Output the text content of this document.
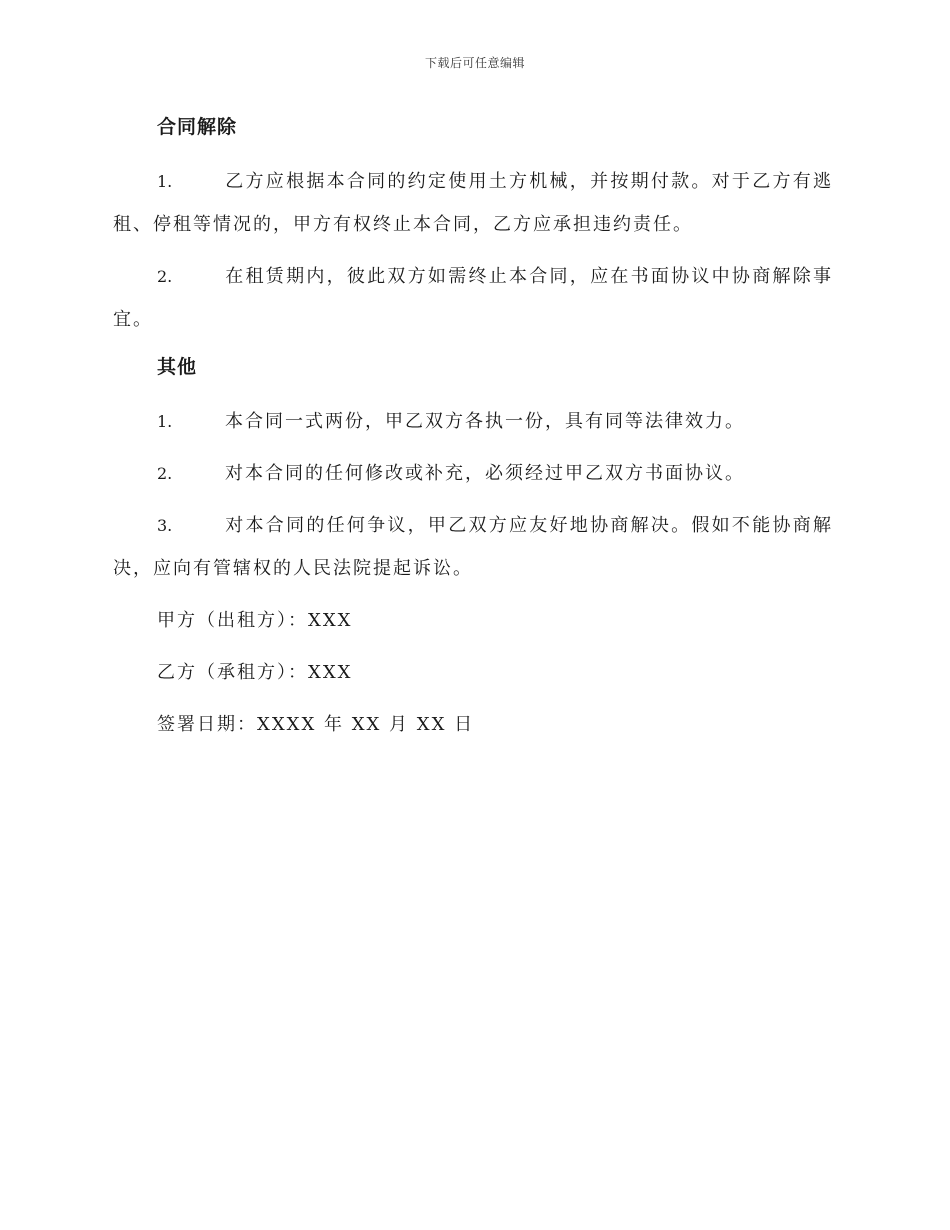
下载后可任意编辑
合同解除
1.	乙方应根据本合同的约定使用土方机械，并按期付款。对于乙方有逃租、停租等情况的，甲方有权终止本合同，乙方应承担违约责任。
2.	在租赁期内，彼此双方如需终止本合同，应在书面协议中协商解除事宜。
其他
1.	本合同一式两份，甲乙双方各执一份，具有同等法律效力。
2.	对本合同的任何修改或补充，必须经过甲乙双方书面协议。
3.	对本合同的任何争议，甲乙双方应友好地协商解决。假如不能协商解决，应向有管辖权的人民法院提起诉讼。
甲方（出租方）：XXX
乙方（承租方）：XXX
签署日期：XXXX 年 XX 月 XX 日
